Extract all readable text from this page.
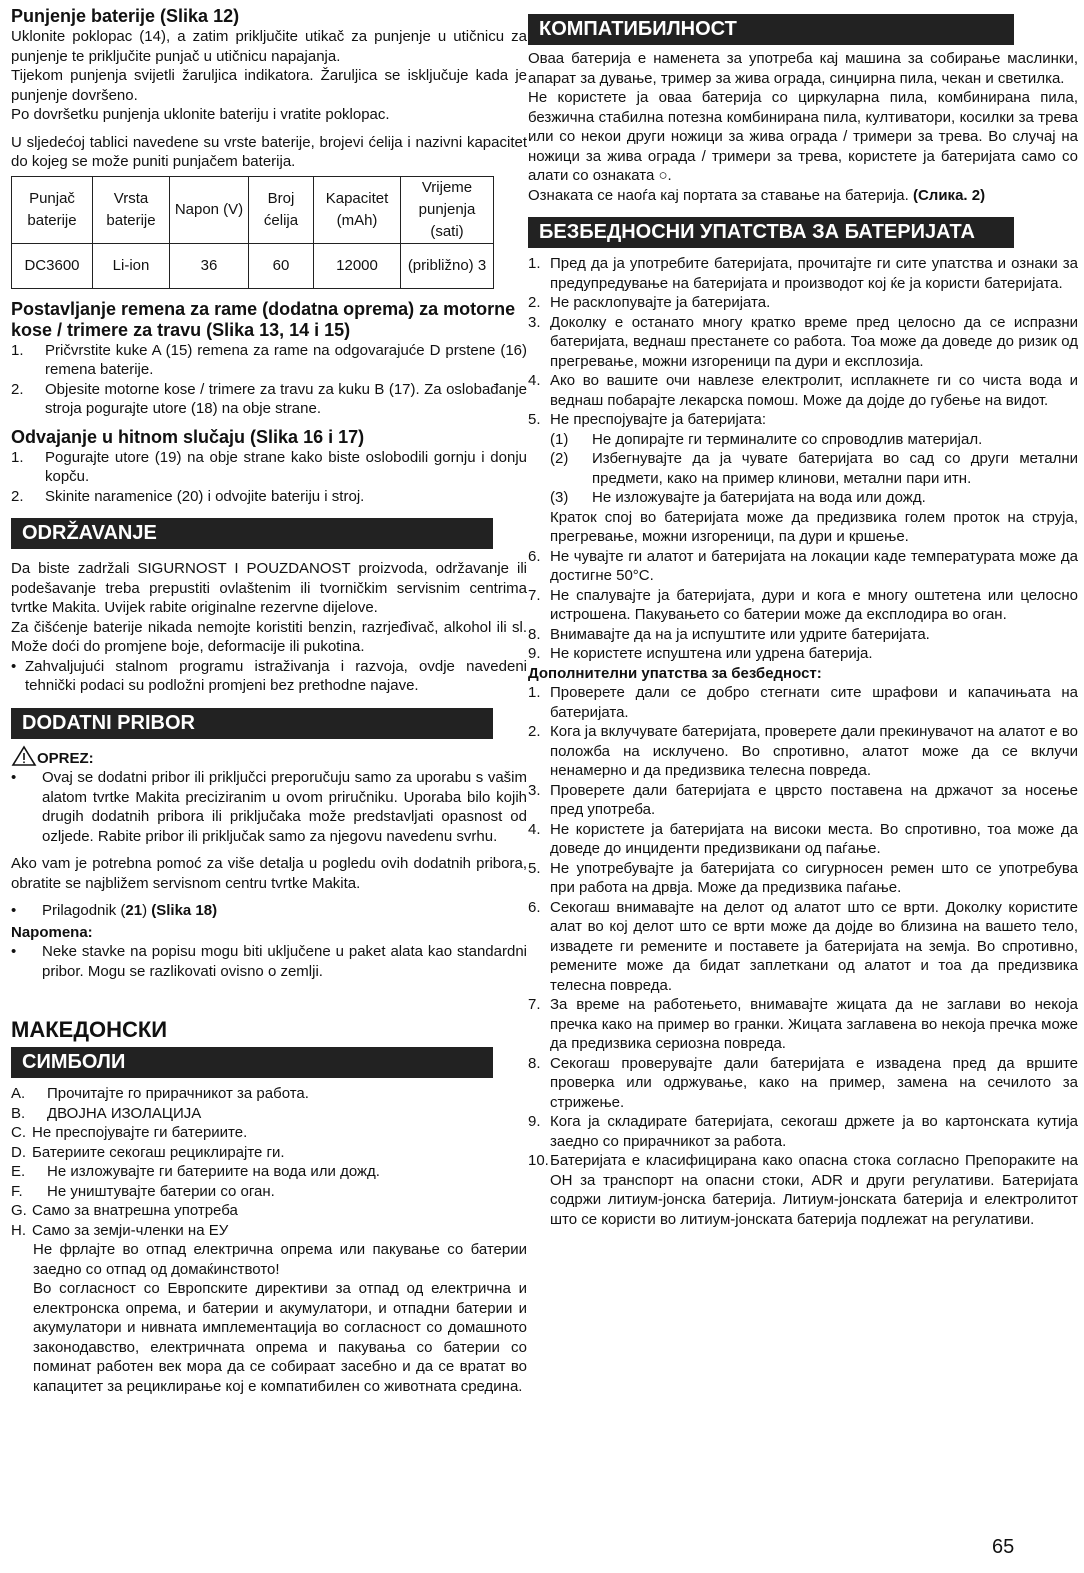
Punjenje baterije (Slika 12)

Uklonite poklopac (14), a zatim priključite utikač za punjenje u utičnicu za punjenje te priključite punjač u utičnicu napajanja.

Tijekom punjenja svijetli žaruljica indikatora. Žaruljica se isključuje kada je punjenje dovršeno.

Po dovršetku punjenja uklonite bateriju i vratite poklopac.

U sljedećoj tablici navedene su vrste baterije, brojevi ćelija i nazivni kapacitet do kojeg se može puniti punjačem baterija.

Punjač baterije	Vrsta baterije	Napon (V)	Broj ćelija	Kapacitet (mAh)	Vrijeme punjenja (sati)
DC3600	Li-ion	36	60	12000	(približno) 3
Postavljanje remena za rame (dodatna oprema) za motorne kose / trimere za travu (Slika 13, 14 i 15)
1.	Pričvrstite kuke A (15) remena za rame na odgovarajuće D prstene (16) remena baterije.
2.	Objesite motorne kose / trimere za travu za kuku B (17). Za oslobađanje stroja pogurajte utore (18) na obje strane.
Odvajanje u hitnom slučaju (Slika 16 i 17)
1.	Pogurajte utore (19) na obje strane kako biste oslobodili gornju i donju kopču.
2.	Skinite naramenice (20) i odvojite bateriju i stroj.
ODRŽAVANJE

Da biste zadržali SIGURNOST I POUZDANOST proizvoda, održavanje ili podešavanje treba prepustiti ovlaštenim ili tvorničkim servisnim centrima tvrtke Makita. Uvijek rabite originalne rezervne dijelove.

Za čišćenje baterije nikada nemojte koristiti benzin, razrjeđivač, alkohol ili sl. Može doći do promjene boje, deformacije ili pukotina.

• Zahvaljujući stalnom programu istraživanja i razvoja, ovdje navedeni tehnički podaci su podložni promjeni bez prethodne najave.
DODATNI PRIBOR
OPREZ:
•	Ovaj se dodatni pribor ili priključci preporučuju samo za uporabu s vašim alatom tvrtke Makita preciziranim u ovom priručniku. Uporaba bilo kojih drugih dodatnih pribora ili priključaka može predstavljati opasnost od ozljede. Rabite pribor ili priključak samo za njegovu navedenu svrhu.

Ako vam je potrebna pomoć za više detalja u pogledu ovih dodatnih pribora, obratite se najbližem servisnom centru tvrtke Makita.

•	Prilagodnik (21) (Slika 18)

Napomena:

•	Neke stavke na popisu mogu biti uključene u paket alata kao standardni pribor. Mogu se razlikovati ovisno o zemlji.
МАКЕДОНСКИ
СИМБОЛИ
A.	Прочитајте го прирачникот за работа.
B.	ДВОЈНА ИЗОЛАЦИЈА
C. Не преспојувајте ги батериите.
D. Батериите секогаш рециклирајте ги.
E.	Не изложувајте ги батериите на вода или дожд.
F.	Не уништувајте батерии со оган.
G. Само за внатрешна употреба
H. Само за земји-членки на ЕУ

Не фрлајте во отпад електрична опрема или пакување со батерии заедно со отпад од домаќинството!

Во согласност со Европските директиви за отпад од електрична и електронска опрема, и батерии и акумулатори, и отпадни батерии и акумулатори и нивната имплементација во согласност со домашното законодавство, електричната опрема и пакувања со батерии со поминат работен век мора да се собираат засебно и да се вратат во капацитет за рециклирање кој е компатибилен со животната средина.

КОМПАТИБИЛНОСТ

Оваа батерија е наменета за употреба кај машина за собирање маслинки, апарат за дување, тример за жива ограда, синџирна пила, чекан и светилка.

Не користете ја оваа батерија со циркуларна пила, комбинирана пила, безжична стабилна потезна комбинирана пила, култиватори, косилки за трева или со некои други ножици за жива ограда / тримери за трева. Во случај на ножици за жива ограда / тримери за трева, користете ја батеријата само со алати со ознаката ○.

Ознаката се наоѓа кај портата за ставање на батерија. (Слика. 2)

БЕЗБЕДНОСНИ УПАТСТВА ЗА БАТЕРИЈАТА
1. Пред да ја употребите батеријата, прочитајте ги сите упатства и ознаки за предупредување на батеријата и производот кој ќе ја користи батеријата.
2. Не расклопувајте ја батеријата.
3. Доколку е останато многу кратко време пред целосно да се испразни батеријата, веднаш престанете со работа. Тоа може да доведе до ризик од прегревање, можни изгореници па дури и експлозија.
4. Ако во вашите очи навлезе електролит, исплакнете ги со чиста вода и веднаш побарајте лекарска помош. Може да дојде до губење на видот.
5. Не преспојувајте ја батеријата:
(1)	Не допирајте ги терминалите со спроводлив материјал.
(2)	Избегнувајте да ја чувате батеријата во сад со други метални предмети, како на пример клинови, метални пари итн.
(3)	Не изложувајте ја батеријата на вода или дожд.

Краток спој во батеријата може да предизвика голем проток на струја, прегревање, можни изгореници, па дури и кршење.

6. Не чувајте ги алатот и батеријата на локации каде температурата може да достигне 50°C.
7. Не спалувајте ја батеријата, дури и кога е многу оштетена или целосно истрошена. Пакувањето со батерии може да експлодира во оган.
8. Внимавајте да на ја испуштите или удрите батеријата.
9. Не користете испуштена или удрена батерија.

Дополнителни упатства за безбедност:

1. Проверете дали се добро стегнати сите шрафови и капачињата на батеријата.
2. Кога ја вклучувате батеријата, проверете дали прекинувачот на алатот е во положба на исклучено. Во спротивно, алатот може да се вклучи ненамерно и да предизвика телесна повреда.
3. Проверете дали батеријата е цврсто поставена на држачот за носење пред употреба.
4. Не користете ја батеријата на високи места. Во спротивно, тоа може да доведе до инциденти предизвикани од паѓање.
5. Не употребувајте ја батеријата со сигурносен ремен што се употребува при работа на дрвја. Може да предизвика паѓање.
6. Секогаш внимавајте на делот од алатот што се врти. Доколку користите алат во кој делот што се врти може да дојде во близина на вашето тело, извадете ги ремените и поставете ја батеријата на земја. Во спротивно, ремените може да бидат заплеткани од алатот и тоа да предизвика телесна повреда.
7. За време на работењето, внимавајте жицата да не заглави во некоја пречка како на пример во гранки. Жицата заглавена во некоја пречка може да предизвика сериозна повреда.
8. Секогаш проверувајте дали батеријата е извадена пред да вршите проверка или одржување, како на пример, замена на сечилото за стрижење.
9. Кога ја складирате батеријата, секогаш држете ја во картонската кутија заедно со прирачникот за работа.
10. Батеријата е класифицирана како опасна стока согласно Препораките на ОН за транспорт на опасни стоки, ADR и други регулативи. Батеријата содржи литиум-јонска батерија. Литиум-јонската батерија и електролитот што се користи во литиум-јонската батерија подлежат на регулативи.
65
